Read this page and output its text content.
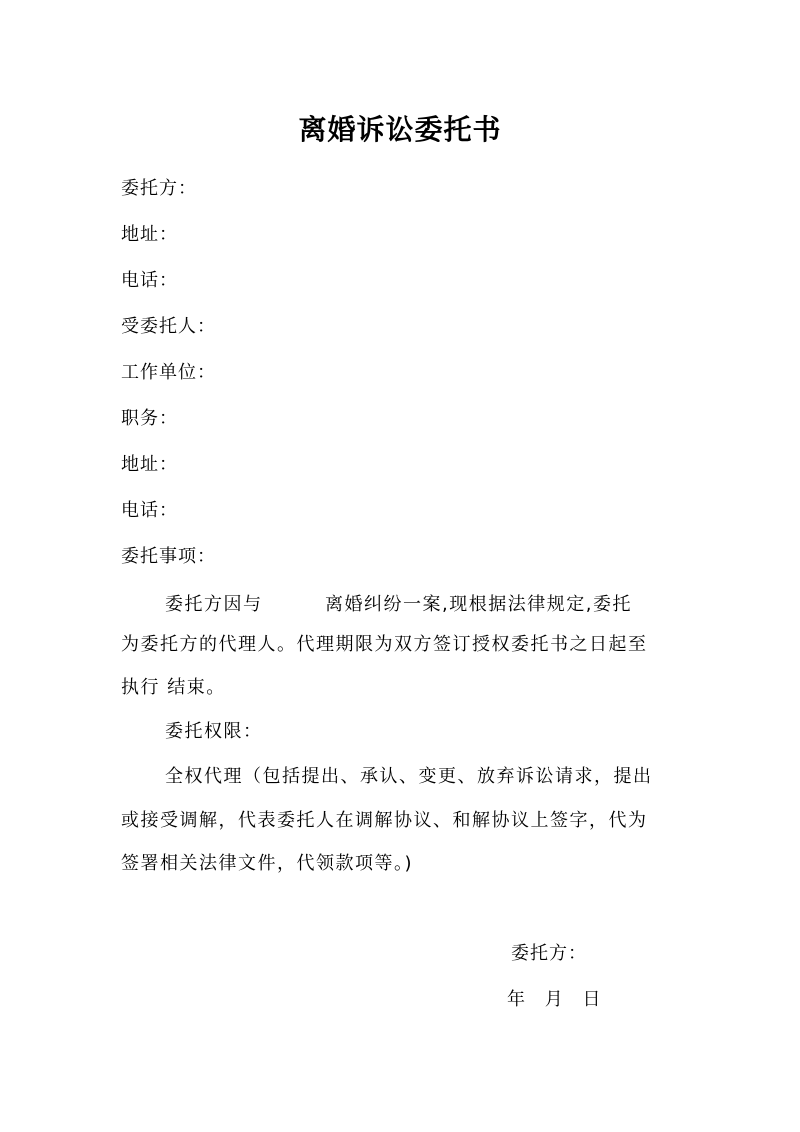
离婚诉讼委托书
委托方：
地址：
电话：
受委托人：
工作单位：
职务：
地址：
电话：
委托事项：
委托方因与	离婚纠纷一案,现根据法律规定,委托
为委托方的代理人。代理期限为双方签订授权委托书之日起至
执行 结束。
委托权限：
全权代理（包括提出、承认、变更、放弃诉讼请求，提出
或接受调解，代表委托人在调解协议、和解协议上签字，代为
签署相关法律文件，代领款项等。)
委托方：
年 月 日
